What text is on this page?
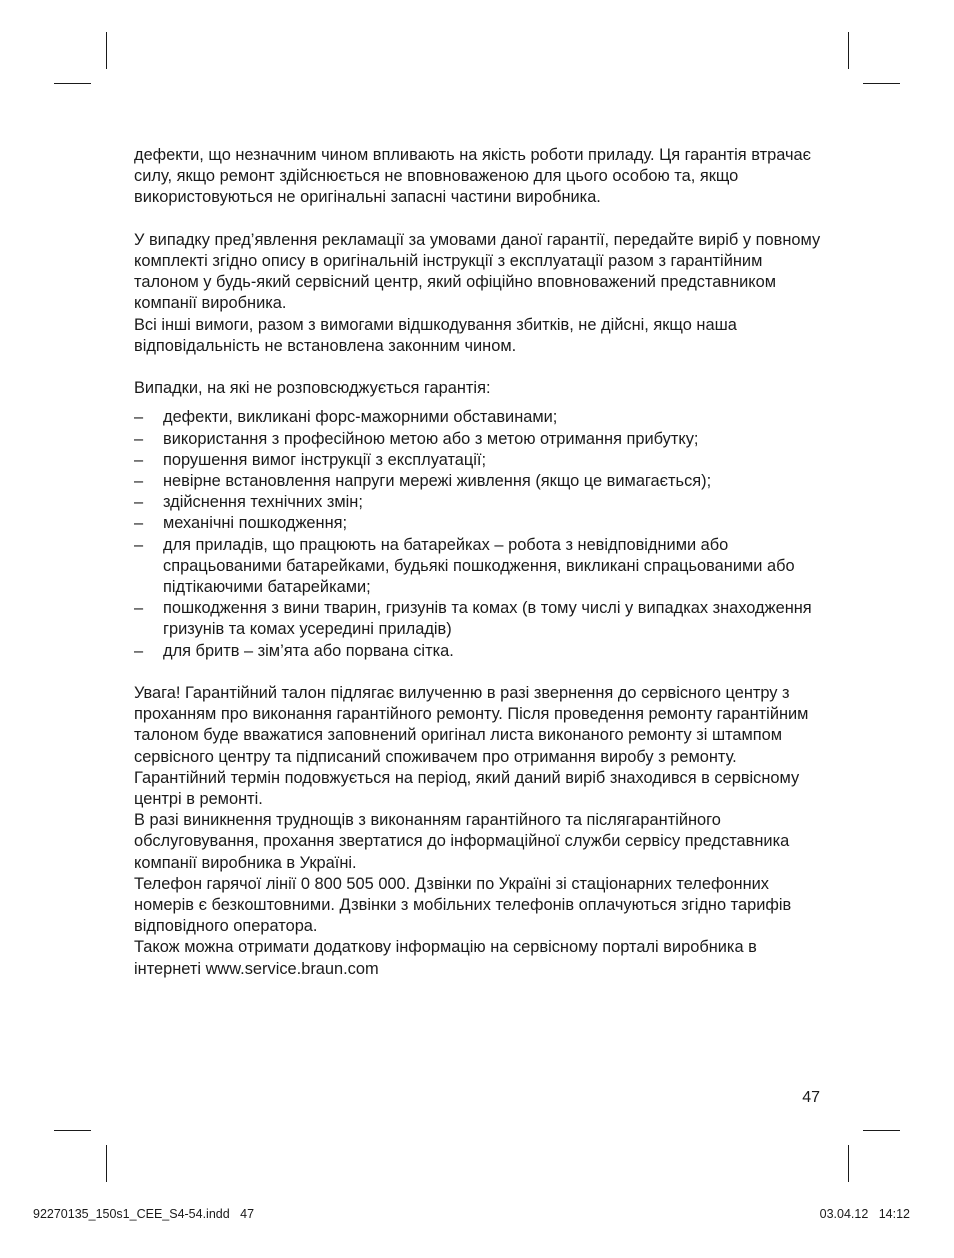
дефекти, що незначним чином впливають на якість роботи приладу. Ця гарантія втрачає силу, якщо ремонт здійснюється не вповноваженою для цього особою та, якщо використовуються не оригінальні запасні частини виробника.

У випадку пред’явлення рекламації за умовами даної гарантії, передайте виріб у повному комплекті згідно опису в оригінальній інструкції з експлуатації разом з гарантійним талоном у будь-який сервісний центр, який офіційно вповноважений представником компанії виробника.

Всі інші вимоги, разом з вимогами відшкодування збитків, не дійсні, якщо наша відповідальність не встановлена законним чином.

Випадки, на які не розповсюджується гарантія:

– дефекти, викликані форс-мажорними обставинами;
– використання з професійною метою або з метою отримання прибутку;
– порушення вимог інструкції з експлуатації;
– невірне встановлення напруги мережі живлення (якщо це вимагається);
– здійснення технічних змін;
– механічні пошкодження;
– для приладів, що працюють на батарейках – робота з невідповідними або спрацьованими батарейками, будьякі пошкодження, викликані спрацьованими або підтікаючими батарейками;
– пошкодження з вини тварин, гризунів та комах (в тому числі у випадках знаходження гризунів та комах усередині приладів)
– для бритв – зім’ята або порвана сітка.

Увага! Гарантійний талон підлягає вилученню в разі звернення до сервісного центру з проханням про виконання гарантійного ремонту. Після проведення ремонту гарантійним талоном буде вважатися заповнений оригінал листа виконаного ремонту зі штампом сервісного центру та підписаний споживачем про отримання виробу з ремонту. Гарантійний термін подовжується на період, який даний виріб знаходився в сервісному центрі в ремонті.

В разі виникнення труднощів з виконанням гарантійного та післягарантійного обслуговування, прохання звертатися до інформаційної служби сервісу представника компанії виробника в Україні.

Телефон гарячої лінії 0 800 505 000. Дзвінки по Україні зі стаціонарних телефонних номерів є безкоштовними. Дзвінки з мобільних телефонів оплачуються згідно тарифів відповідного оператора.

Також можна отримати додаткову інформацію на сервісному порталі виробника в інтернеті www.service.braun.com

47
92270135_150s1_CEE_S4-54.indd   47	03.04.12   14:12
